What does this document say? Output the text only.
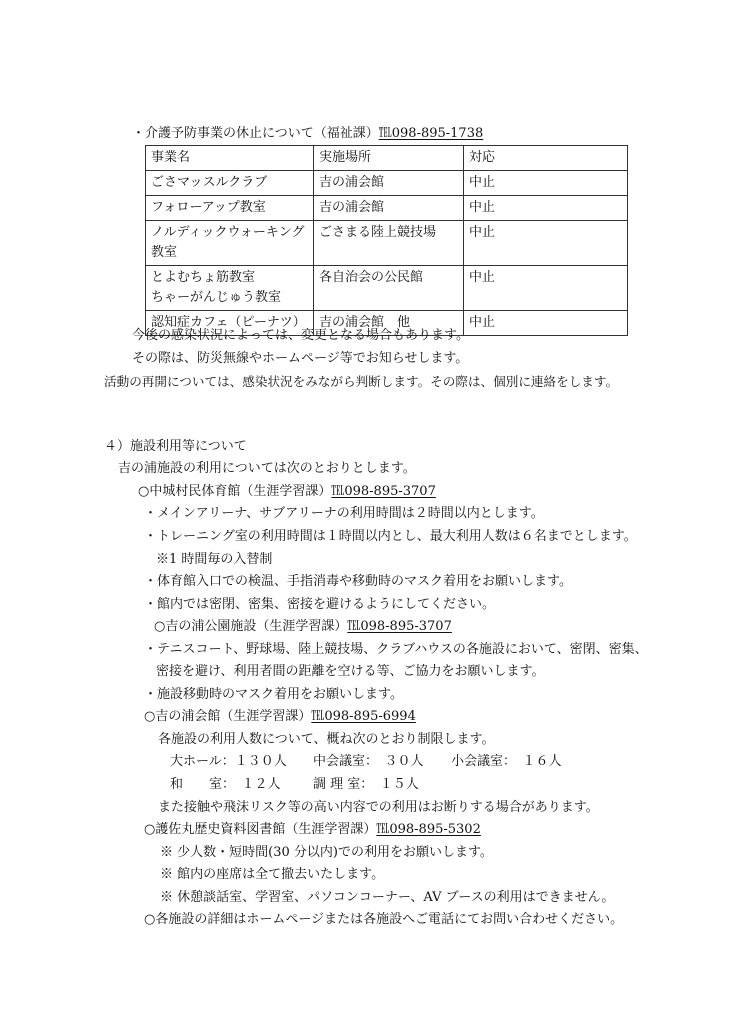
・介護予防事業の休止について（福祉課）℡098-895-1738
事業名	実施場所	対応

ごさマッスルクラブ	吉の浦会館	中止

フォローアップ教室	吉の浦会館	中止

ノルディックウォーキング
教室	ごさまる陸上競技場	中止

とよむちょ筋教室
ちゃーがんじゅう教室	各自治会の公民館	中止

認知症カフェ（ピーナツ）	吉の浦会館　他	中止
今後の感染状況によっては、変更となる場合もあります。
その際は、防災無線やホームページ等でお知らせします。
活動の再開については、感染状況をみながら判断します。その際は、個別に連絡をします。
４）施設利用等について
吉の浦施設の利用については次のとおりとします。
○中城村民体育館（生涯学習課）℡098-895-3707
・メインアリーナ、サブアリーナの利用時間は２時間以内とします。
・トレーニング室の利用時間は１時間以内とし、最大利用人数は６名までとします。
※1 時間毎の入替制
・体育館入口での検温、手指消毒や移動時のマスク着用をお願いします。
・館内では密閉、密集、密接を避けるようにしてください。
○吉の浦公園施設（生涯学習課）℡098-895-3707
・テニスコート、野球場、陸上競技場、クラブハウスの各施設において、密閉、密集、
密接を避け、利用者間の距離を空ける等、ご協力をお願いします。
・施設移動時のマスク着用をお願いします。
○吉の浦会館（生涯学習課）℡098-895-6994
各施設の利用人数について、概ね次のとおり制限します。
大ホール：１３０人 中会議室：　３０人 小会議室：　１６人
和　　室：　１２人 調 理 室：　１５人
また接触や飛沫リスク等の高い内容での利用はお断りする場合があります。
○護佐丸歴史資料図書館（生涯学習課）℡098-895-5302
※ 少人数・短時間(30 分以内)での利用をお願いします。
※ 館内の座席は全て撤去いたします。
※ 休憩談話室、学習室、パソコンコーナー、AV ブースの利用はできません。
○各施設の詳細はホームページまたは各施設へご電話にてお問い合わせください。
